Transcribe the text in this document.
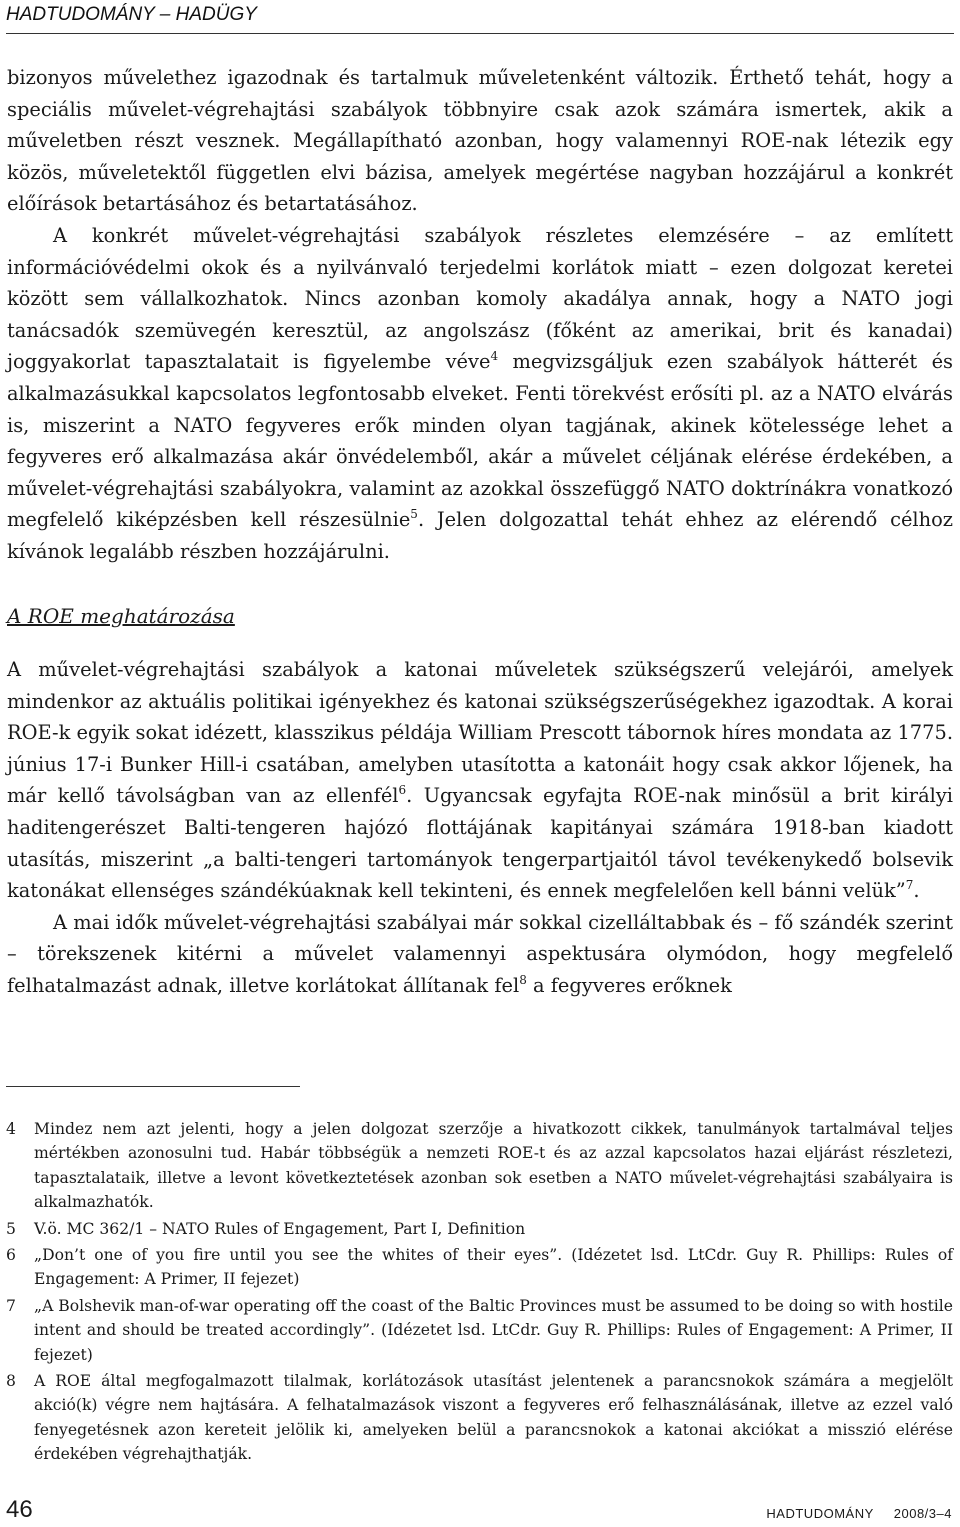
HADTUDOMÁNY – HADÜGY

bizonyos művelethez igazodnak és tartalmuk műveletenként változik. Érthető tehát, hogy a speciális művelet-végrehajtási szabályok többnyire csak azok számára ismertek, akik a műveletben részt vesznek. Megállapítható azonban, hogy valamennyi ROE-nak létezik egy közös, műveletektől független elvi bázisa, amelyek megértése nagyban hozzájárul a konkrét előírások betartásához és betartatásához.

A konkrét művelet-végrehajtási szabályok részletes elemzésére – az említett információvédelmi okok és a nyilvánvaló terjedelmi korlátok miatt – ezen dolgozat keretei között sem vállalkozhatok. Nincs azonban komoly akadálya annak, hogy a NATO jogi tanácsadók szemüvegén keresztül, az angolszász (főként az amerikai, brit és kanadai) joggyakorlat tapasztalatait is figyelembe véve$^4$ megvizsgáljuk ezen szabályok hátterét és alkalmazásukkal kapcsolatos legfontosabb elveket. Fenti törekvést erősíti pl. az a NATO elvárás is, miszerint a NATO fegyveres erők minden olyan tagjának, akinek kötelessége lehet a fegyveres erő alkalmazása akár önvédelemből, akár a művelet céljának elérése érdekében, a művelet-végrehajtási szabályokra, valamint az azokkal összefüggő NATO doktrínákra vonatkozó megfelelő kiképzésben kell részesülnie$^5$. Jelen dolgozattal tehát ehhez az elérendő célhoz kívánok legalább részben hozzájárulni.

A ROE meghatározása

A művelet-végrehajtási szabályok a katonai műveletek szükségszerű velejárói, amelyek mindenkor az aktuális politikai igényekhez és katonai szükségszerűségekhez igazodtak. A korai ROE-k egyik sokat idézett, klasszikus példája William Prescott tábornok híres mondata az 1775. június 17-i Bunker Hill-i csatában, amelyben utasította a katonáit hogy csak akkor lőjenek, ha már kellő távolságban van az ellenfél$^6$. Ugyancsak egyfajta ROE-nak minősül a brit királyi haditengerészet Balti-tengeren hajózó flottájának kapitányai számára 1918-ban kiadott utasítás, miszerint „a balti-tengeri tartományok tengerpartjaitól távol tevékenykedő bolsevik katonákat ellenséges szándékúaknak kell tekinteni, és ennek megfelelően kell bánni velük”$^7$.

A mai idők művelet-végrehajtási szabályai már sokkal cizelláltabbak és – fő szándék szerint – törekszenek kitérni a művelet valamennyi aspektusára olymódon, hogy megfelelő felhatalmazást adnak, illetve korlátokat állítanak fel$^8$ a fegyveres erőknek

4	Mindez nem azt jelenti, hogy a jelen dolgozat szerzője a hivatkozott cikkek, tanulmányok tartalmával teljes mértékben azonosulni tud. Habár többségük a nemzeti ROE-t és az azzal kapcsolatos hazai eljárást részletezi, tapasztalataik, illetve a levont következtetések azonban sok esetben a NATO művelet-végrehajtási szabályaira is alkalmazhatók.
5	V.ö. MC 362/1 – NATO Rules of Engagement, Part I, Definition
6	„Don’t one of you fire until you see the whites of their eyes”. (Idézetet lsd. LtCdr. Guy R. Phillips: Rules of Engagement: A Primer, II fejezet)
7	„A Bolshevik man-of-war operating off the coast of the Baltic Provinces must be assumed to be doing so with hostile intent and should be treated accordingly”. (Idézetet lsd. LtCdr. Guy R. Phillips: Rules of Engagement: A Primer, II fejezet)
8	A ROE által megfogalmazott tilalmak, korlátozások utasítást jelentenek a parancsnokok számára a megjelölt akció(k) végre nem hajtására. A felhatalmazások viszont a fegyveres erő felhasználásának, illetve az ezzel való fenyegetésnek azon kereteit jelölik ki, amelyeken belül a parancsnokok a katonai akciókat a misszió elérése érdekében végrehajthatják.
46	HADTUDOMÁNY 2008/3–4
